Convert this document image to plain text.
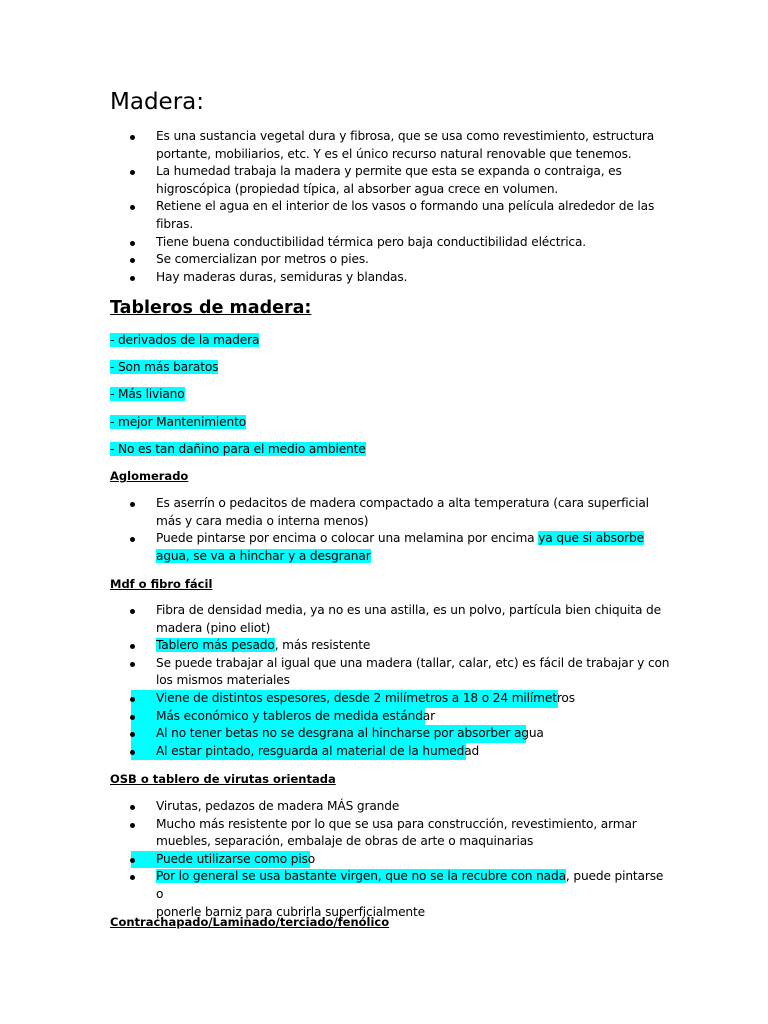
Madera:
Es una sustancia vegetal dura y fibrosa, que se usa como revestimiento, estructura portante, mobiliarios, etc. Y es el único recurso natural renovable que tenemos.
La humedad trabaja la madera y permite que esta se expanda o contraiga, es higroscópica (propiedad típica, al absorber agua crece en volumen.
Retiene el agua en el interior de los vasos o formando una película alrededor de las fibras.
Tiene buena conductibilidad térmica pero baja conductibilidad eléctrica.
Se comercializan por metros o pies.
Hay maderas duras, semiduras y blandas.
Tableros de madera:
- derivados de la madera
- Son más baratos
- Más liviano
- mejor Mantenimiento
- No es tan dañino para el medio ambiente
Aglomerado
Es aserrín o pedacitos de madera compactado a alta temperatura (cara superficial más y cara media o interna menos)
Puede pintarse por encima o colocar una melamina por encima ya que si absorbe
agua, se va a hinchar y a desgranar
Mdf o fibro fácil
Fibra de densidad media, ya no es una astilla, es un polvo, partícula bien chiquita de madera (pino eliot)
Tablero más pesado, más resistente
Se puede trabajar al igual que una madera (tallar, calar, etc) es fácil de trabajar y con los mismos materiales
Viene de distintos espesores, desde 2 milímetros a 18 o 24 milímetros
Más económico y tableros de medida estándar
Al no tener betas no se desgrana al hincharse por absorber agua
Al estar pintado, resguarda al material de la humedad
OSB o tablero de virutas orientada
Virutas, pedazos de madera MÁS grande
Mucho más resistente por lo que se usa para construcción, revestimiento, armar muebles, separación, embalaje de obras de arte o maquinarias
Puede utilizarse como piso
Por lo general se usa bastante virgen, que no se la recubre con nada, puede pintarse o
ponerle barniz para cubrirla superficialmente
Contrachapado/Laminado/terciado/fenólico
